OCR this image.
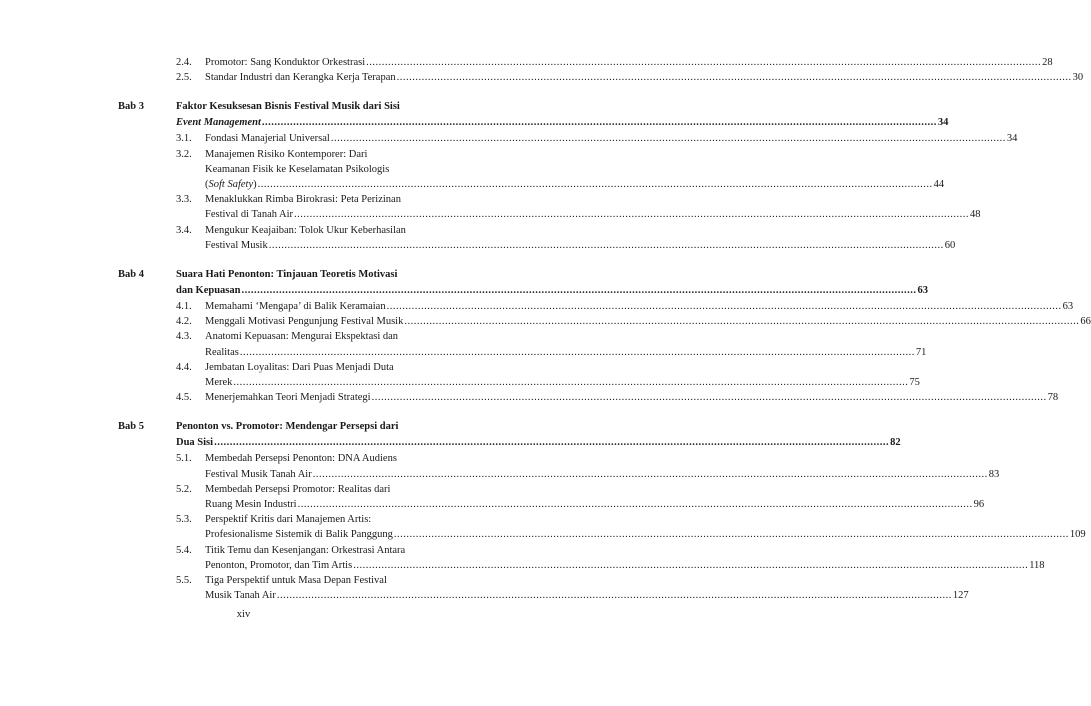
2.4.	Promotor: Sang Konduktor Orkestrasi .....	28
2.5.	Standar Industri dan Kerangka Kerja Terapan .....	30
Bab 3	Faktor Kesuksesan Bisnis Festival Musik dari Sisi
Event Management .....	34
3.1.	Fondasi Manajerial Universal .....	34
3.2.	Manajemen Risiko Kontemporer: Dari
Keamanan Fisik ke Keselamatan Psikologis
(Soft Safety) .....	44
3.3.	Menaklukkan Rimba Birokrasi: Peta Perizinan
Festival di Tanah Air .....	48
3.4.	Mengukur Keajaiban: Tolok Ukur Keberhasilan
Festival Musik .....	60
Bab 4	Suara Hati Penonton: Tinjauan Teoretis Motivasi
dan Kepuasan .....	63
4.1.	Memahami ‘Mengapa’ di Balik Keramaian .....	63
4.2.	Menggali Motivasi Pengunjung Festival Musik .....	66
4.3.	Anatomi Kepuasan: Mengurai Ekspektasi dan
Realitas .....	71
4.4.	Jembatan Loyalitas: Dari Puas Menjadi Duta
Merek .....	75
4.5.	Menerjemahkan Teori Menjadi Strategi .....	78
Bab 5	Penonton vs. Promotor: Mendengar Persepsi dari
Dua Sisi .....	82
5.1.	Membedah Persepsi Penonton: DNA Audiens
Festival Musik Tanah Air .....	83
5.2.	Membedah Persepsi Promotor: Realitas dari
Ruang Mesin Industri .....	96
5.3.	Perspektif Kritis dari Manajemen Artis:
Profesionalisme Sistemik di Balik Panggung .....	109
5.4.	Titik Temu dan Kesenjangan: Orkestrasi Antara
Penonton, Promotor, dan Tim Artis .....	118
5.5.	Tiga Perspektif untuk Masa Depan Festival
Musik Tanah Air .....	127
xiv
